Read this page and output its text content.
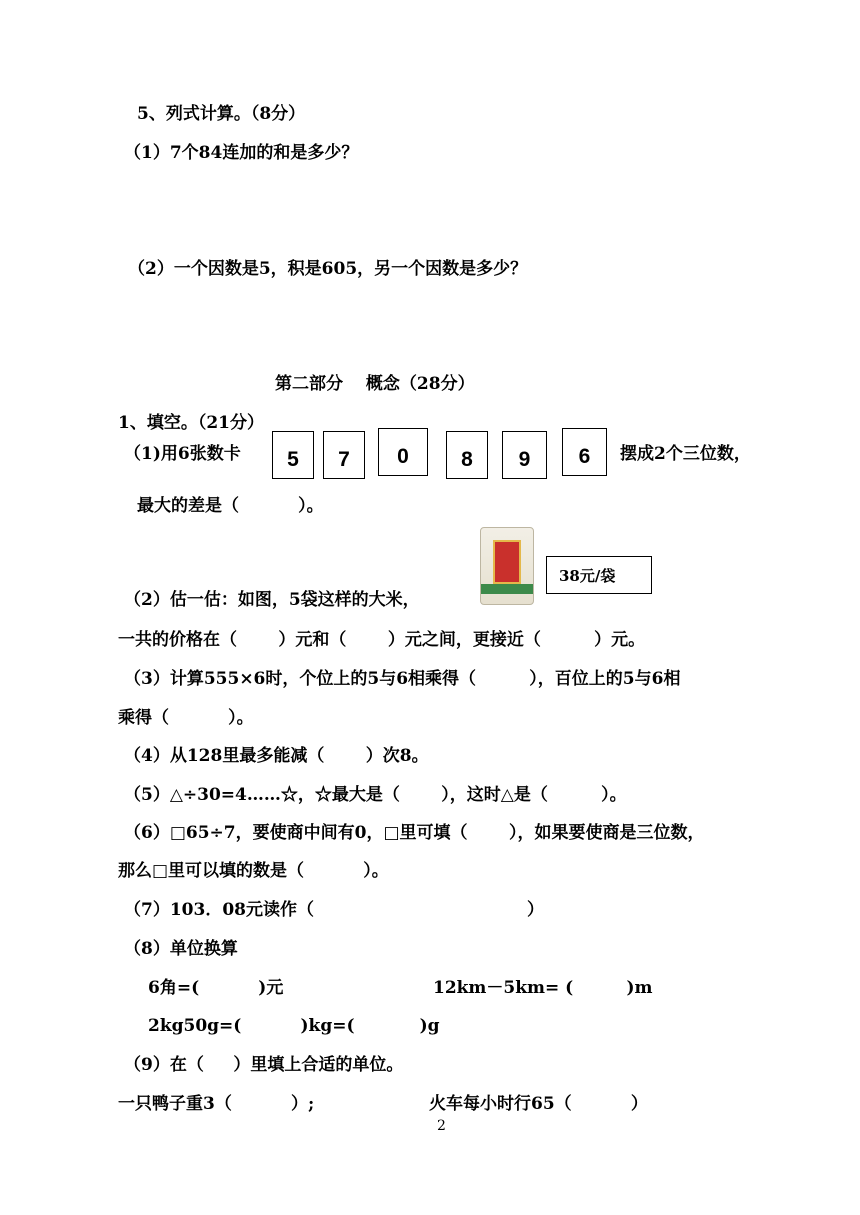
5、列式计算。（8分）
（1）7个84连加的和是多少？
（2）一个因数是5，积是605，另一个因数是多少？
第二部分　 概念（28分）
1、填空。（21分）
（1)用6张数卡	5	7	0	8	9	6	摆成2个三位数，
最大的差是（          ）。
38元/袋
（2）估一估：如图，5袋这样的大米，
一共的价格在（       ）元和（       ）元之间，更接近（         ）元。
（3）计算555×6时，个位上的5与6相乘得（         ），百位上的5与6相
乘得（          ）。
（4）从128里最多能减（       ）次8。
（5）△÷30=4……☆，☆最大是（       ），这时△是（         ）。
（6）□65÷7，要使商中间有0，□里可填（       ），如果要使商是三位数，
那么□里可以填的数是（          ）。
（7）103．08元读作（                                    ）
（8）单位换算
6角=(          )元	12km－5km= (         )m
2kg50g=(          )kg=(           )g
（9）在（     ）里填上合适的单位。
一只鸭子重3（          ）;	火车每小时行65（          ）
2
